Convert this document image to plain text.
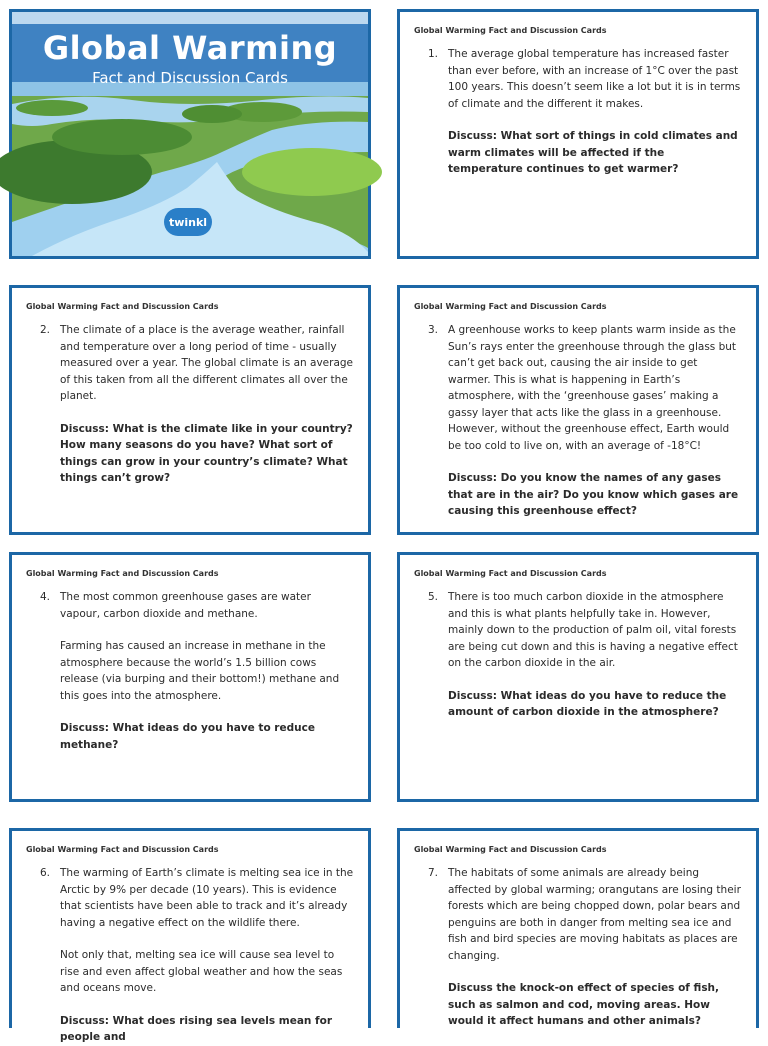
Global Warming
Fact and Discussion Cards
twinkl
Global Warming Fact and Discussion Cards
1. The average global temperature has increased faster than ever before, with an increase of 1°C over the past 100 years. This doesn’t seem like a lot but it is in terms of climate and the different it makes.
Discuss: What sort of things in cold climates and warm climates will be affected if the temperature continues to get warmer?
Global Warming Fact and Discussion Cards
2. The climate of a place is the average weather, rainfall and temperature over a long period of time - usually measured over a year. The global climate is an average of this taken from all the different climates all over the planet.
Discuss: What is the climate like in your country? How many seasons do you have? What sort of things can grow in your country’s climate? What things can’t grow?
Global Warming Fact and Discussion Cards
3. A greenhouse works to keep plants warm inside as the Sun’s rays enter the greenhouse through the glass but can’t get back out, causing the air inside to get warmer. This is what is happening in Earth’s atmosphere, with the ‘greenhouse gases’ making a gassy layer that acts like the glass in a greenhouse. However, without the greenhouse effect, Earth would be too cold to live on, with an average of -18°C!
Discuss: Do you know the names of any gases that are in the air? Do you know which gases are causing this greenhouse effect?
Global Warming Fact and Discussion Cards
4. The most common greenhouse gases are water vapour, carbon dioxide and methane.
Farming has caused an increase in methane in the atmosphere because the world’s 1.5 billion cows release (via burping and their bottom!) methane and this goes into the atmosphere.
Discuss: What ideas do you have to reduce methane?
Global Warming Fact and Discussion Cards
5. There is too much carbon dioxide in the atmosphere and this is what plants helpfully take in. However, mainly down to the production of palm oil, vital forests are being cut down and this is having a negative effect on the carbon dioxide in the air.
Discuss: What ideas do you have to reduce the amount of carbon dioxide in the atmosphere?
Global Warming Fact and Discussion Cards
6. The warming of Earth’s climate is melting sea ice in the Arctic by 9% per decade (10 years). This is evidence that scientists have been able to track and it’s already having a negative effect on the wildlife there.
Not only that, melting sea ice will cause sea level to rise and even affect global weather and how the seas and oceans move.
Discuss: What does rising sea levels mean for people and
Global Warming Fact and Discussion Cards
7. The habitats of some animals are already being affected by global warming; orangutans are losing their forests which are being chopped down, polar bears and penguins are both in danger from melting sea ice and fish and bird species are moving habitats as places are changing.
Discuss the knock-on effect of species of fish, such as salmon and cod, moving areas. How would it affect humans and other animals?
